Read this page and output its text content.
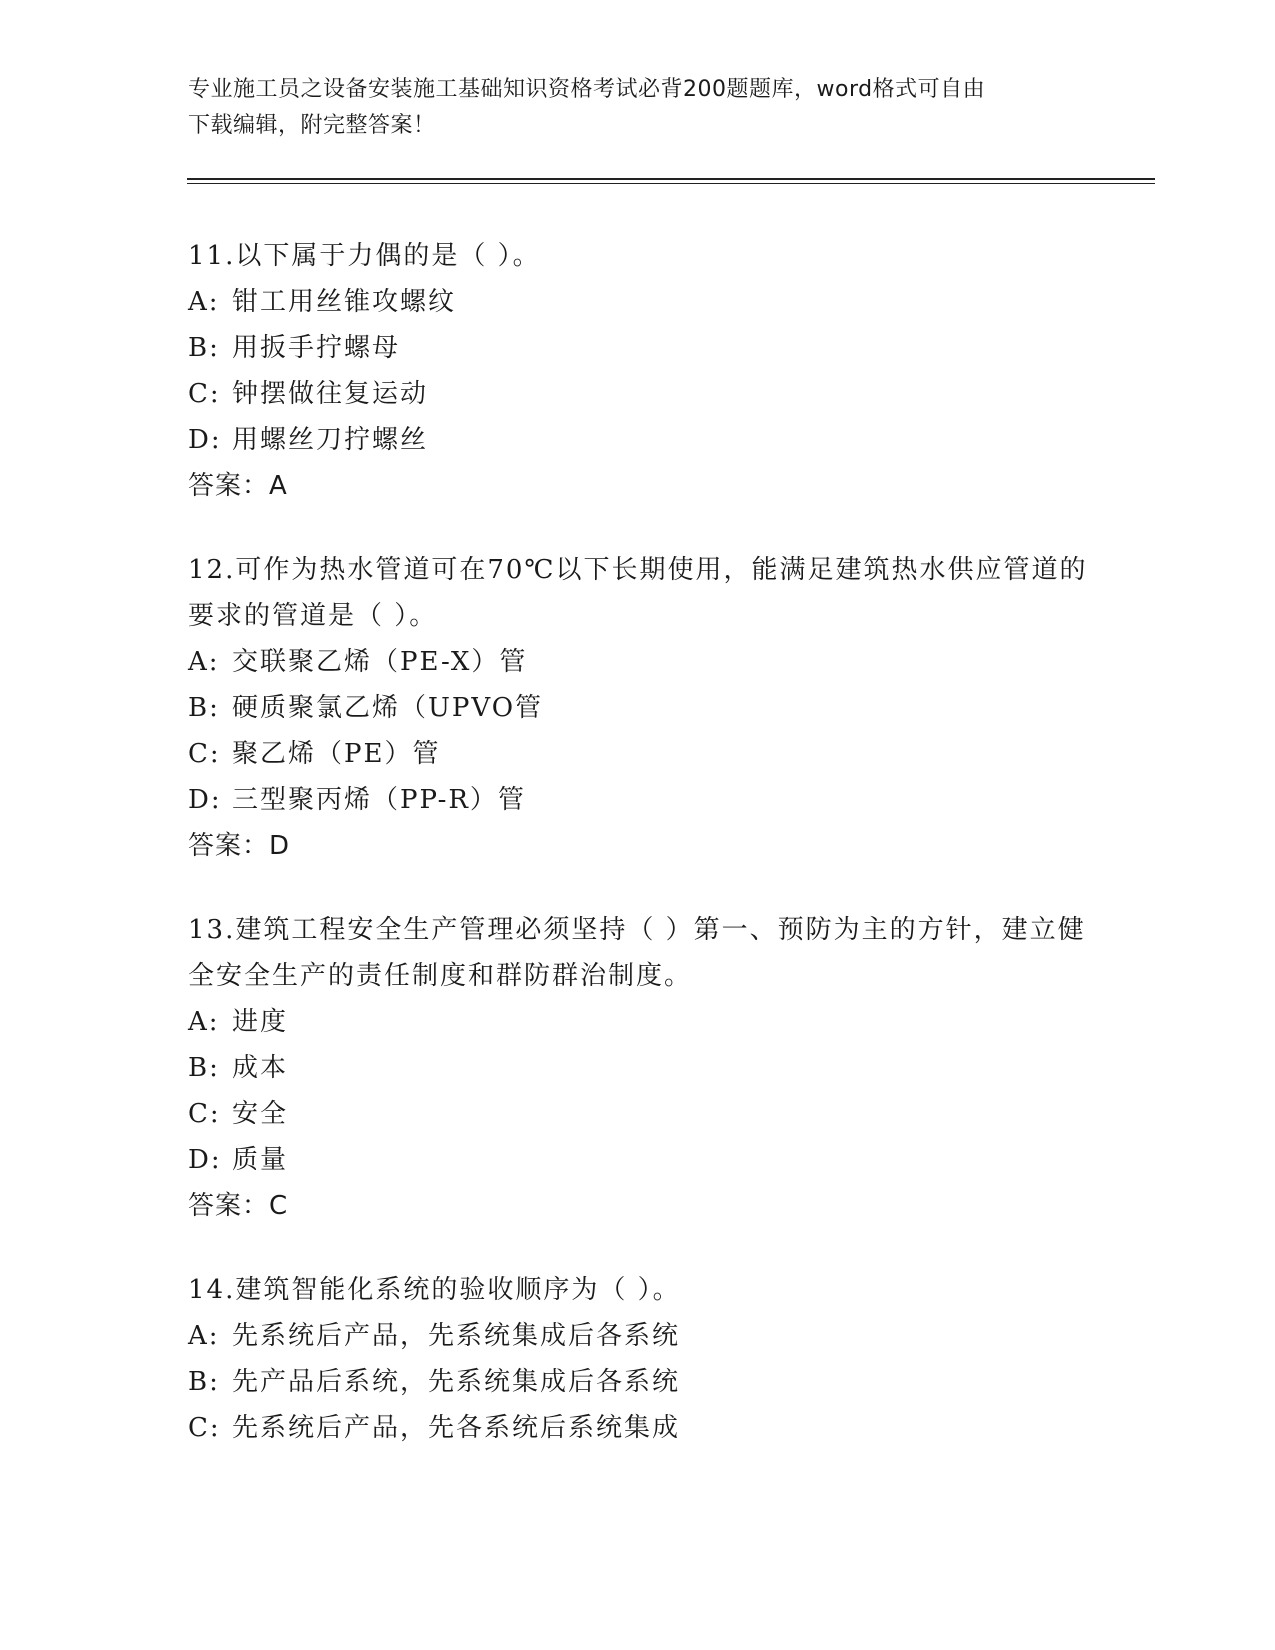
专业施工员之设备安装施工基础知识资格考试必背200题题库，word格式可自由
下载编辑，附完整答案！
11.以下属于力偶的是（ ）。
A: 钳工用丝锥攻螺纹
B: 用扳手拧螺母
C: 钟摆做往复运动
D: 用螺丝刀拧螺丝
答案：A
12.可作为热水管道可在70℃以下长期使用，能满足建筑热水供应管道的要求的管道是（ ）。
A: 交联聚乙烯（PE-X）管
B: 硬质聚氯乙烯（UPVO管
C: 聚乙烯（PE）管
D: 三型聚丙烯（PP-R）管
答案：D
13.建筑工程安全生产管理必须坚持（ ）第一、预防为主的方针，建立健全安全生产的责任制度和群防群治制度。
A: 进度
B: 成本
C: 安全
D: 质量
答案：C
14.建筑智能化系统的验收顺序为（ ）。
A: 先系统后产品，先系统集成后各系统
B: 先产品后系统，先系统集成后各系统
C: 先系统后产品，先各系统后系统集成
